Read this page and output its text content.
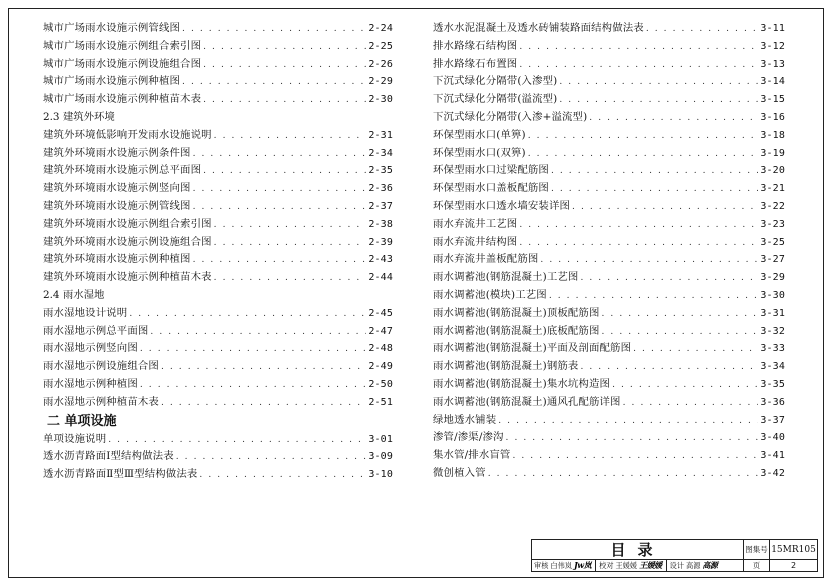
城市广场雨水设施示例管线图 . . .	2-24
城市广场雨水设施示例组合索引图 . . .	2-25
城市广场雨水设施示例设施组合图 . . .	2-26
城市广场雨水设施示例种植图 . . .	2-29
城市广场雨水设施示例种植苗木表 . . .	2-30
2.3 建筑外环境
建筑外环境低影响开发雨水设施说明 . . .	2-31
建筑外环境雨水设施示例条件图 . . .	2-34
建筑外环境雨水设施示例总平面图 . . .	2-35
建筑外环境雨水设施示例竖向图 . . .	2-36
建筑外环境雨水设施示例管线图 . . .	2-37
建筑外环境雨水设施示例组合索引图 . . .	2-38
建筑外环境雨水设施示例设施组合图 . . .	2-39
建筑外环境雨水设施示例种植图 . . .	2-43
建筑外环境雨水设施示例种植苗木表 . . .	2-44
2.4 雨水湿地
雨水湿地设计说明 . . .	2-45
雨水湿地示例总平面图 . . .	2-47
雨水湿地示例竖向图 . . .	2-48
雨水湿地示例设施组合图 . . .	2-49
雨水湿地示例种植图 . . .	2-50
雨水湿地示例种植苗木表 . . .	2-51
二 单项设施
单项设施说明 . . .	3-01
透水沥青路面Ⅰ型结构做法表 . . .	3-09
透水沥青路面Ⅱ型Ⅲ型结构做法表 . . .	3-10
透水水泥混凝土及透水砖铺装路面结构做法表 . . .	3-11
排水路缘石结构图 . . .	3-12
排水路缘石布置图 . . .	3-13
下沉式绿化分隔带(入渗型) . . .	3-14
下沉式绿化分隔带(溢流型) . . .	3-15
下沉式绿化分隔带(入渗+溢流型) . . .	3-16
环保型雨水口(单箅) . . .	3-18
环保型雨水口(双箅) . . .	3-19
环保型雨水口过梁配筋图 . . .	3-20
环保型雨水口盖板配筋图 . . .	3-21
环保型雨水口透水墙安装详图 . . .	3-22
雨水弃流井工艺图 . . .	3-23
雨水弃流井结构图 . . .	3-25
雨水弃流井盖板配筋图 . . .	3-27
雨水调蓄池(钢筋混凝土)工艺图 . . .	3-29
雨水调蓄池(模块)工艺图 . . .	3-30
雨水调蓄池(钢筋混凝土)顶板配筋图 . . .	3-31
雨水调蓄池(钢筋混凝土)底板配筋图 . . .	3-32
雨水调蓄池(钢筋混凝土)平面及剖面配筋图 . . .	3-33
雨水调蓄池(钢筋混凝土)钢筋表 . . .	3-34
雨水调蓄池(钢筋混凝土)集水坑构造图 . . .	3-35
雨水调蓄池(钢筋混凝土)通风孔配筋详图 . . .	3-36
绿地透水铺装 . . .	3-37
渗管/渗渠/渗沟 . . .	3-40
集水管/排水盲管 . . .	3-41
微创植入管 . . .	3-42
目录	图集号 15MR105
审核 白伟岚 Jw岚 校对 王媛媛 王媛媛 设计 高源 高源	页	2
